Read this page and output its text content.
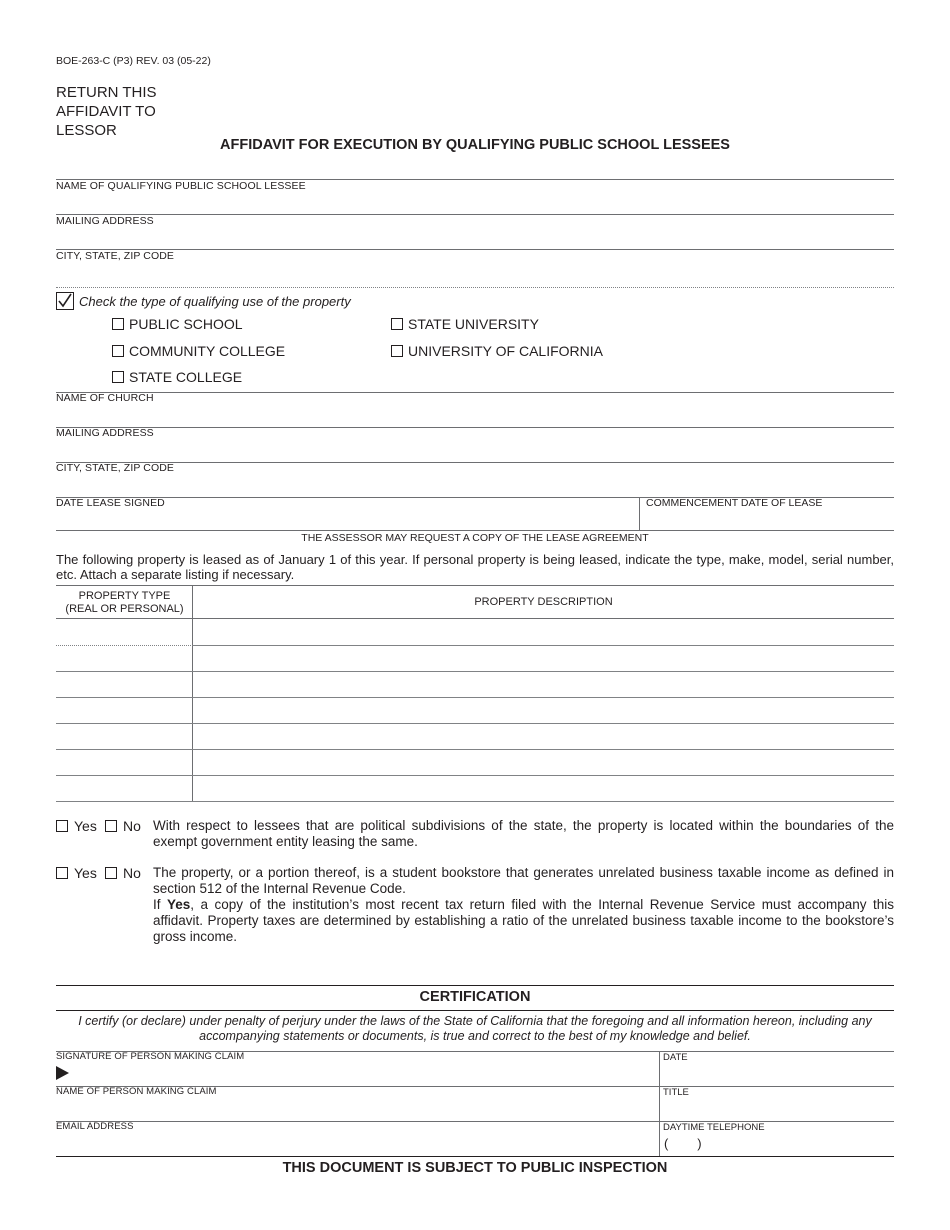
BOE-263-C (P3) REV. 03 (05-22)
RETURN THIS
AFFIDAVIT TO
LESSOR
AFFIDAVIT FOR EXECUTION BY QUALIFYING PUBLIC SCHOOL LESSEES
NAME OF QUALIFYING PUBLIC SCHOOL LESSEE
MAILING ADDRESS
CITY, STATE, ZIP CODE
Check the type of qualifying use of the property
PUBLIC SCHOOL
COMMUNITY COLLEGE
STATE COLLEGE
STATE UNIVERSITY
UNIVERSITY OF CALIFORNIA
NAME OF CHURCH
MAILING ADDRESS
CITY, STATE, ZIP CODE
DATE LEASE SIGNED	COMMENCEMENT DATE OF LEASE
THE ASSESSOR MAY REQUEST A COPY OF THE LEASE AGREEMENT
The following property is leased as of January 1 of this year. If personal property is being leased, indicate the type, make, model, serial number, etc. Attach a separate listing if necessary.
PROPERTY TYPE
(REAL OR PERSONAL)
PROPERTY DESCRIPTION
Yes No With respect to lessees that are political subdivisions of the state, the property is located within the boundaries of the exempt government entity leasing the same.
Yes No The property, or a portion thereof, is a student bookstore that generates unrelated business taxable income as defined in section 512 of the Internal Revenue Code.
If Yes, a copy of the institution’s most recent tax return filed with the Internal Revenue Service must accompany this affidavit. Property taxes are determined by establishing a ratio of the unrelated business taxable income to the bookstore’s gross income.
CERTIFICATION
I certify (or declare) under penalty of perjury under the laws of the State of California that the foregoing and all information hereon, including any accompanying statements or documents, is true and correct to the best of my knowledge and belief.
SIGNATURE OF PERSON MAKING CLAIM	DATE
NAME OF PERSON MAKING CLAIM	TITLE
EMAIL ADDRESS	DAYTIME TELEPHONE
(        )
THIS DOCUMENT IS SUBJECT TO PUBLIC INSPECTION
